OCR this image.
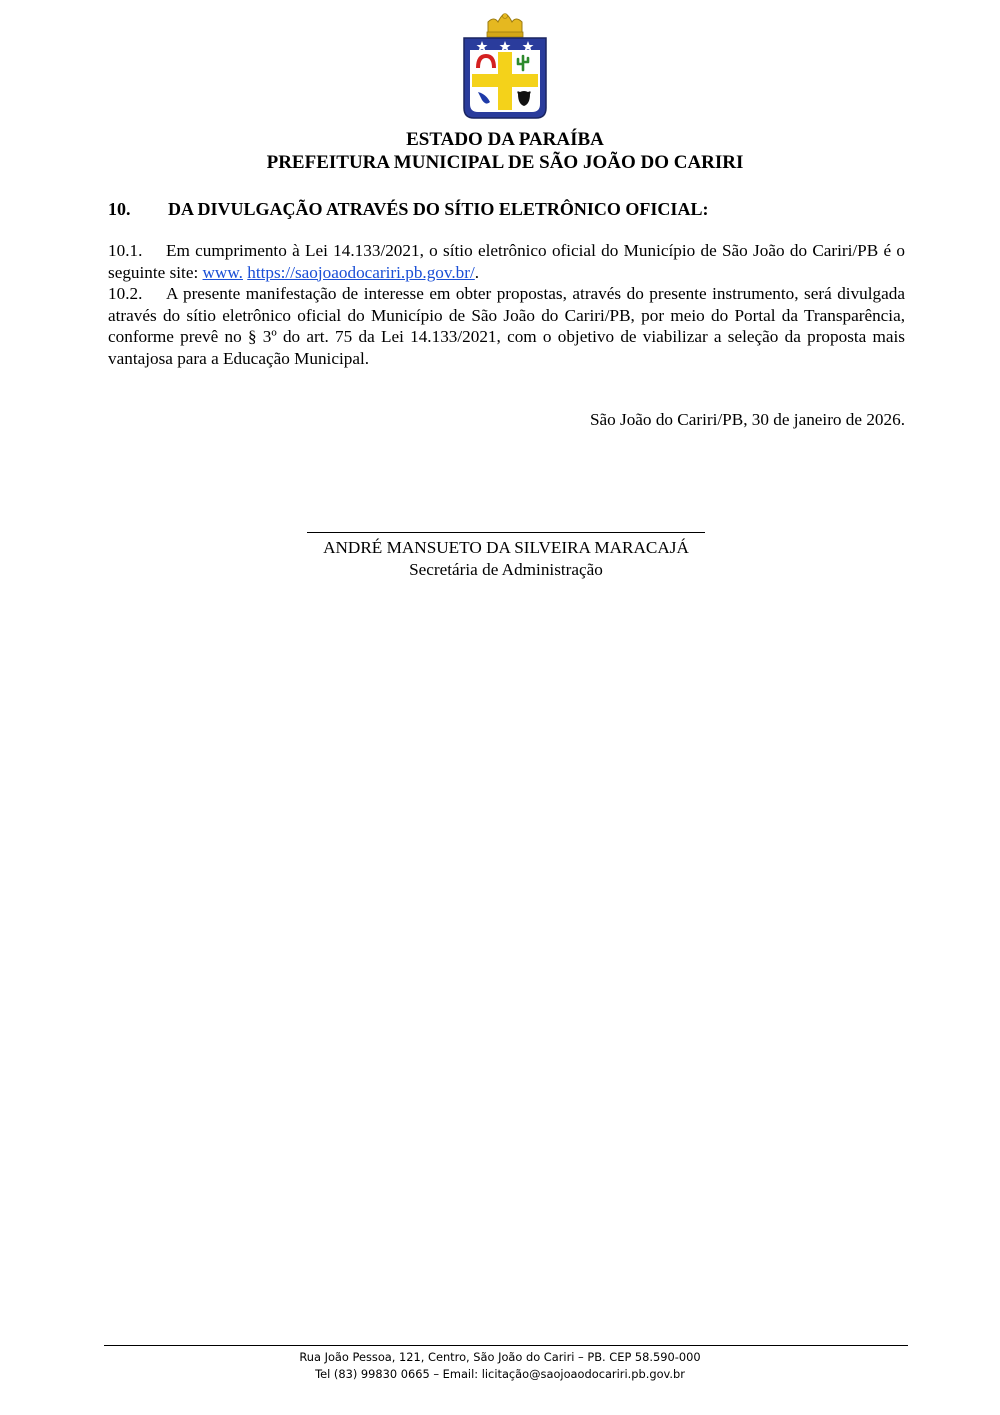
ESTADO DA PARAÍBA
PREFEITURA MUNICIPAL DE SÃO JOÃO DO CARIRI
10. DA DIVULGAÇÃO ATRAVÉS DO SÍTIO ELETRÔNICO OFICIAL:

10.1. Em cumprimento à Lei 14.133/2021, o sítio eletrônico oficial do Município de São João do Cariri/PB é o seguinte site: www. https://saojoaodocariri.pb.gov.br/.

10.2. A presente manifestação de interesse em obter propostas, através do presente instrumento, será divulgada através do sítio eletrônico oficial do Município de São João do Cariri/PB, por meio do Portal da Transparência, conforme prevê no § 3º do art. 75 da Lei 14.133/2021, com o objetivo de viabilizar a seleção da proposta mais vantajosa para a Educação Municipal.

São João do Cariri/PB, 30 de janeiro de 2026.
ANDRÉ MANSUETO DA SILVEIRA MARACAJÁ
Secretária de Administração
Rua João Pessoa, 121, Centro, São João do Cariri – PB. CEP 58.590-000
Tel (83) 99830 0665 – Email: licitação@saojoaodocariri.pb.gov.br
